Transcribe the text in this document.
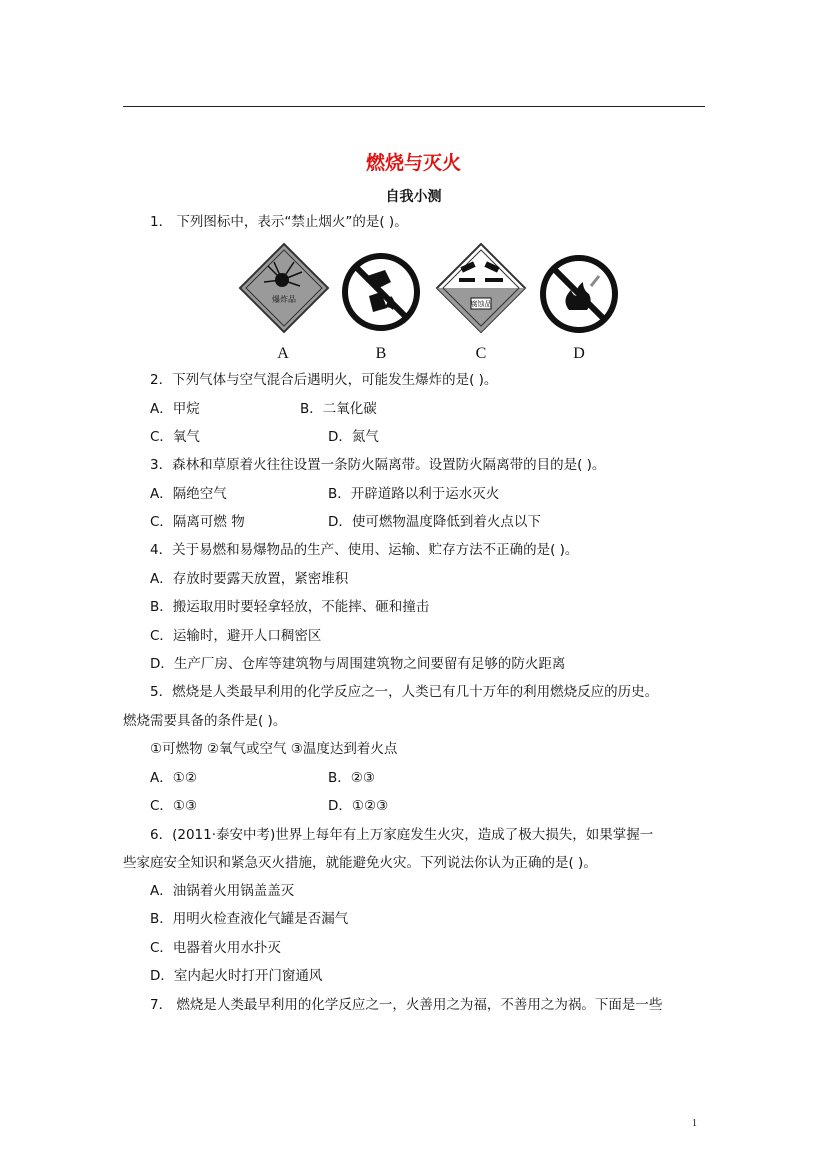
燃烧与灭火
自我小测
1． 下列图标中，表示“禁止烟火”的是( )。
爆炸品
A	B
腐蚀品
C	D
2．下列气体与空气混合后遇明火，可能发生爆炸的是( )。
A．甲烷	B．二氧化碳
C．氧气	D．氮气
3．森林和草原着火往往设置一条防火隔离带。设置防火隔离带的目的是( )。
A．隔绝空气	B．开辟道路以利于运水灭火
C．隔离可燃 物	D．使可燃物温度降低到着火点以下
4．关于易燃和易爆物品的生产、使用、运输、贮存方法不正确的是( )。
A．存放时要露天放置，紧密堆积
B．搬运取用时要轻拿轻放，不能摔、砸和撞击
C．运输时，避开人口稠密区
D．生产厂房、仓库等建筑物与周围建筑物之间要留有足够的防火距离
5．燃烧是人类最早利用的化学反应之一，人类已有几十万年的利用燃烧反应的历史。
燃烧需要具备的条件是( )。
①可燃物 ②氧气或空气 ③温度达到着火点
A．①②	B．②③
C．①③	D．①②③
6．(2011·泰安中考)世界上每年有上万家庭发生火灾，造成了极大损失，如果掌握一
些家庭安全知识和紧急灭火措施，就能避免火灾。下列说法你认为正确的是( )。
A．油锅着火用锅盖盖灭
B．用明火检查液化气罐是否漏气
C．电器着火用水扑灭
D．室内起火时打开门窗通风
7． 燃烧是人类最早利用的化学反应之一，火善用之为福，不善用之为祸。下面是一些
1
